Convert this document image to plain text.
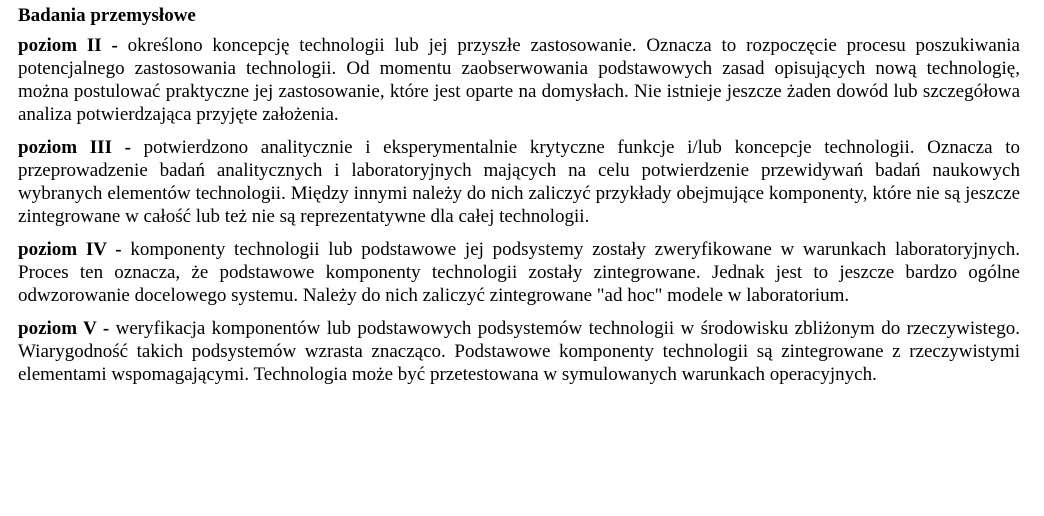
Badania przemysłowe

poziom II - określono koncepcję technologii lub jej przyszłe zastosowanie. Oznacza to rozpoczęcie procesu poszukiwania potencjalnego zastosowania technologii. Od momentu zaobserwowania podstawowych zasad opisujących nową technologię, można postulować praktyczne jej zastosowanie, które jest oparte na domysłach. Nie istnieje jeszcze żaden dowód lub szczegółowa analiza potwierdzająca przyjęte założenia.

poziom III - potwierdzono analitycznie i eksperymentalnie krytyczne funkcje i/lub koncepcje technologii. Oznacza to przeprowadzenie badań analitycznych i laboratoryjnych mających na celu potwierdzenie przewidywań badań naukowych wybranych elementów technologii. Między innymi należy do nich zaliczyć przykłady obejmujące komponenty, które nie są jeszcze zintegrowane w całość lub też nie są reprezentatywne dla całej technologii.

poziom IV - komponenty technologii lub podstawowe jej podsystemy zostały zweryfikowane w warunkach laboratoryjnych. Proces ten oznacza, że podstawowe komponenty technologii zostały zintegrowane. Jednak jest to jeszcze bardzo ogólne odwzorowanie docelowego systemu. Należy do nich zaliczyć zintegrowane "ad hoc" modele w laboratorium.

poziom V - weryfikacja komponentów lub podstawowych podsystemów technologii w środowisku zbliżonym do rzeczywistego. Wiarygodność takich podsystemów wzrasta znacząco. Podstawowe komponenty technologii są zintegrowane z rzeczywistymi elementami wspomagającymi. Technologia może być przetestowana w symulowanych warunkach operacyjnych.
